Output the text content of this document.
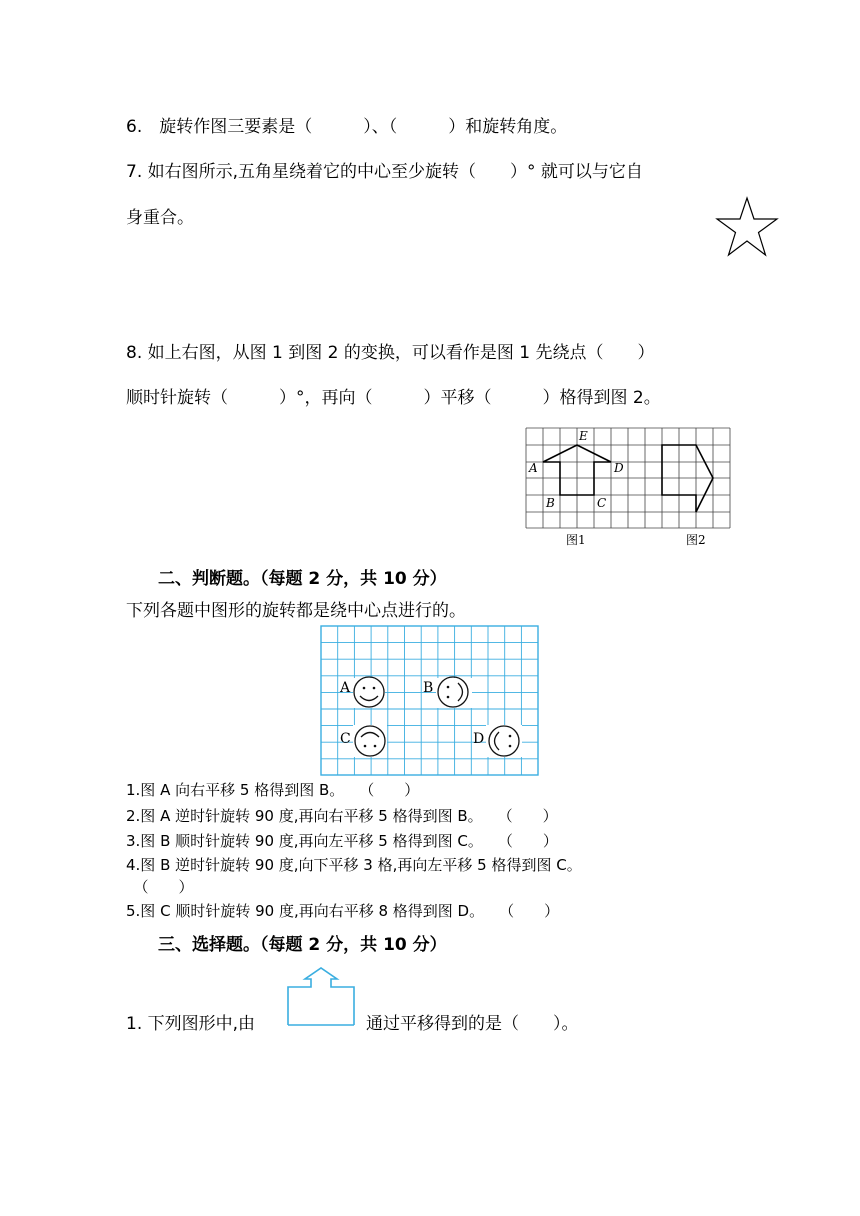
6.　旋转作图三要素是（　　　）、（　　　）和旋转角度。
7. 如右图所示,五角星绕着它的中心至少旋转（　　）° 就可以与它自
身重合。
8. 如上右图，从图 1 到图 2 的变换，可以看作是图 1 先绕点（　　）
顺时针旋转（　　　）°，再向（　　　）平移（　　　）格得到图 2。
E
A	D
B	C
图1	图2
二、判断题。（每题 2 分，共 10 分）
下列各题中图形的旋转都是绕中心点进行的。
A	B
C	D
1.图 A 向右平移 5 格得到图 B。　　（　　）
2.图 A 逆时针旋转 90 度,再向右平移 5 格得到图 B。　　（　　）
3.图 B 顺时针旋转 90 度,再向左平移 5 格得到图 C。　　（　　）
4.图 B 逆时针旋转 90 度,向下平移 3 格,再向左平移 5 格得到图 C。
　（　　）
5.图 C 顺时针旋转 90 度,再向右平移 8 格得到图 D。　　（　　）
三、选择题。（每题 2 分，共 10 分）
1. 下列图形中,由	通过平移得到的是（　　）。
